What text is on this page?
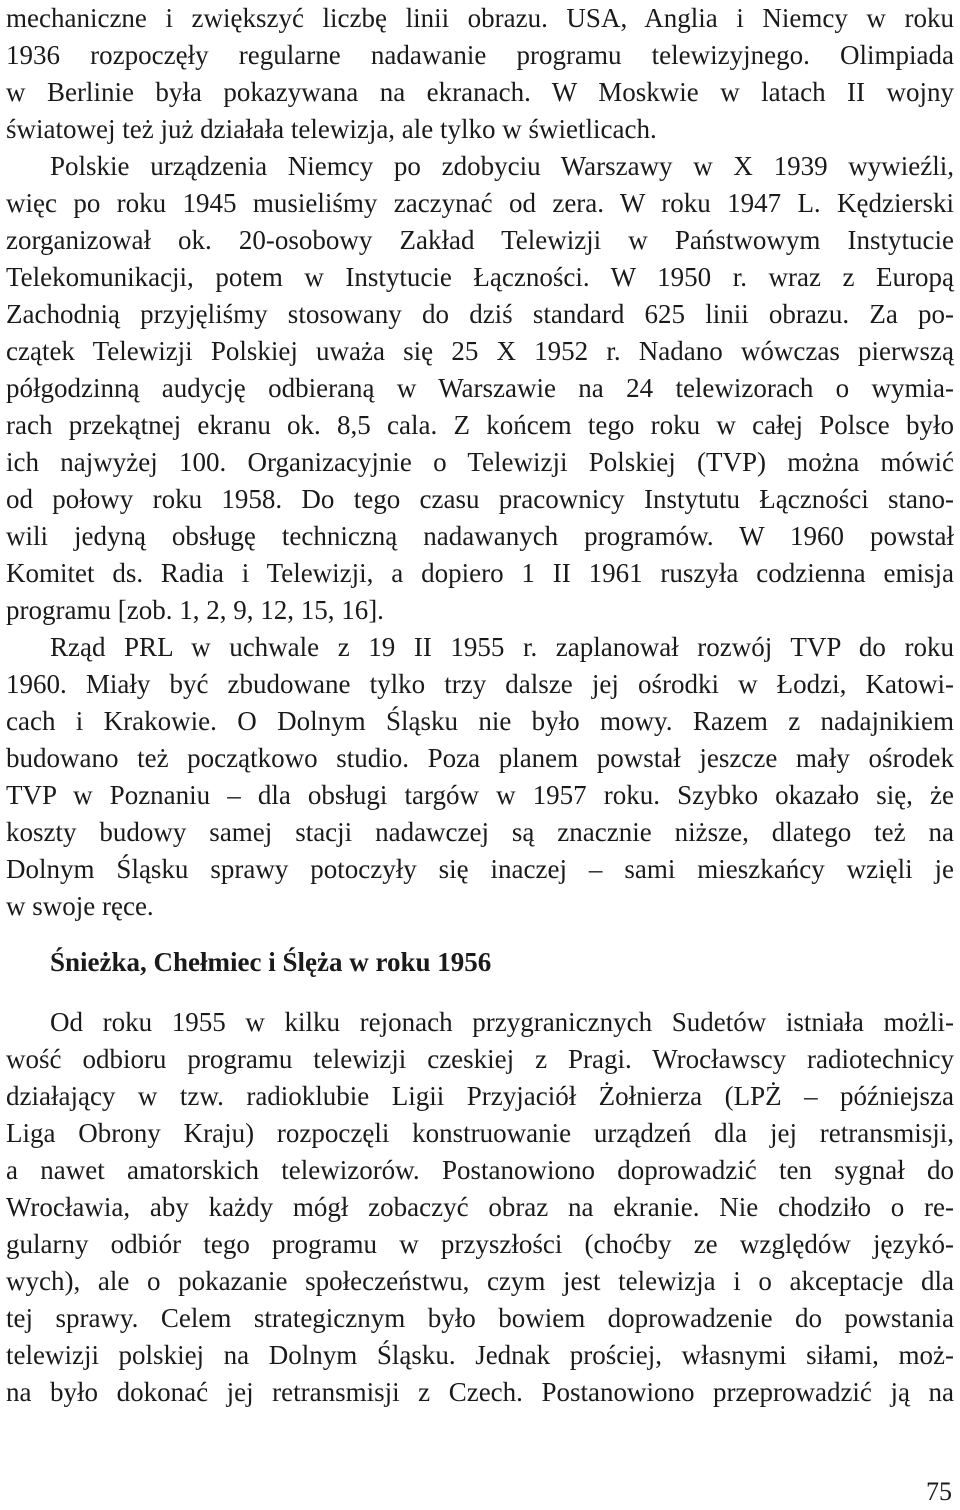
mechaniczne i zwiększyć liczbę linii obrazu. USA, Anglia i Niemcy w roku
1936 rozpoczęły regularne nadawanie programu telewizyjnego. Olimpiada
w Berlinie była pokazywana na ekranach. W Moskwie w latach II wojny
światowej też już działała telewizja, ale tylko w świetlicach.
Polskie urządzenia Niemcy po zdobyciu Warszawy w X 1939 wywieźli,
więc po roku 1945 musieliśmy zaczynać od zera. W roku 1947 L. Kędzierski
zorganizował ok. 20-osobowy Zakład Telewizji w Państwowym Instytucie
Telekomunikacji, potem w Instytucie Łączności. W 1950 r. wraz z Europą
Zachodnią przyjęliśmy stosowany do dziś standard 625 linii obrazu. Za po-
czątek Telewizji Polskiej uważa się 25 X 1952 r. Nadano wówczas pierwszą
półgodzinną audycję odbieraną w Warszawie na 24 telewizorach o wymia-
rach przekątnej ekranu ok. 8,5 cala. Z końcem tego roku w całej Polsce było
ich najwyżej 100. Organizacyjnie o Telewizji Polskiej (TVP) można mówić
od połowy roku 1958. Do tego czasu pracownicy Instytutu Łączności stano-
wili jedyną obsługę techniczną nadawanych programów. W 1960 powstał
Komitet ds. Radia i Telewizji, a dopiero 1 II 1961 ruszyła codzienna emisja
programu [zob. 1, 2, 9, 12, 15, 16].
Rząd PRL w uchwale z 19 II 1955 r. zaplanował rozwój TVP do roku
1960. Miały być zbudowane tylko trzy dalsze jej ośrodki w Łodzi, Katowi-
cach i Krakowie. O Dolnym Śląsku nie było mowy. Razem z nadajnikiem
budowano też początkowo studio. Poza planem powstał jeszcze mały ośrodek
TVP w Poznaniu – dla obsługi targów w 1957 roku. Szybko okazało się, że
koszty budowy samej stacji nadawczej są znacznie niższe, dlatego też na
Dolnym Śląsku sprawy potoczyły się inaczej – sami mieszkańcy wzięli je
w swoje ręce.
Śnieżka, Chełmiec i Ślęża w roku 1956
Od roku 1955 w kilku rejonach przygranicznych Sudetów istniała możli-
wość odbioru programu telewizji czeskiej z Pragi. Wrocławscy radiotechnicy
działający w tzw. radioklubie Ligii Przyjaciół Żołnierza (LPŻ – późniejsza
Liga Obrony Kraju) rozpoczęli konstruowanie urządzeń dla jej retransmisji,
a nawet amatorskich telewizorów. Postanowiono doprowadzić ten sygnał do
Wrocławia, aby każdy mógł zobaczyć obraz na ekranie. Nie chodziło o re-
gularny odbiór tego programu w przyszłości (choćby ze względów językó-
wych), ale o pokazanie społeczeństwu, czym jest telewizja i o akceptacje dla
tej sprawy. Celem strategicznym było bowiem doprowadzenie do powstania
telewizji polskiej na Dolnym Śląsku. Jednak prościej, własnymi siłami, moż-
na było dokonać jej retransmisji z Czech. Postanowiono przeprowadzić ją na
75
